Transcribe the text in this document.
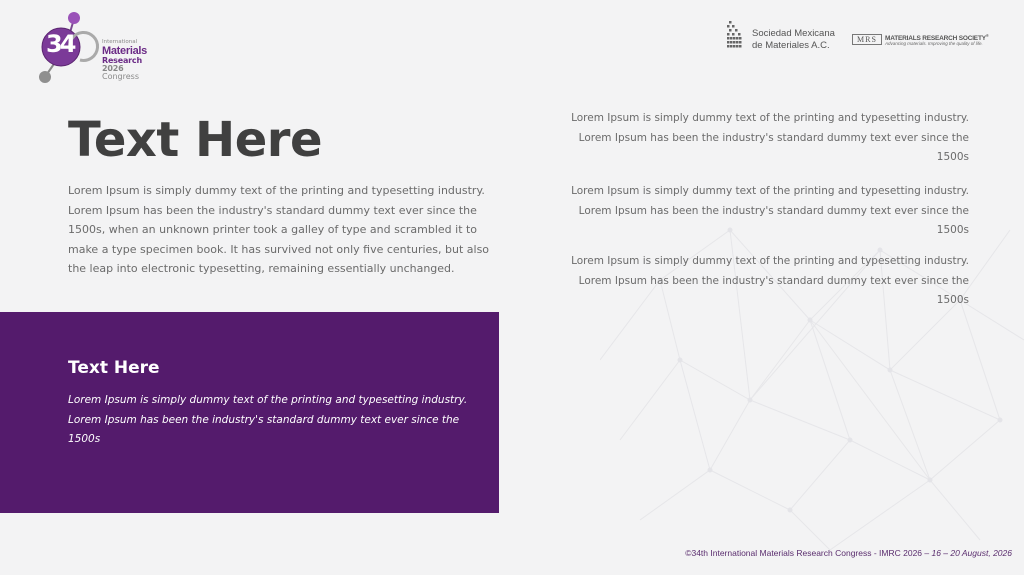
34	International
Materials
Research 2026
Congress
Sociedad Mexicana
de Materiales A.C.
MRS	MATERIALS RESEARCH SOCIETY®
Advancing materials. Improving the quality of life.
Text Here

Lorem Ipsum is simply dummy text of the printing and typesetting industry. Lorem Ipsum has been the industry's standard dummy text ever since the 1500s, when an unknown printer took a galley of type and scrambled it to make a type specimen book. It has survived not only five centuries, but also the leap into electronic typesetting, remaining essentially unchanged.

Text Here

Lorem Ipsum is simply dummy text of the printing and typesetting industry. Lorem Ipsum has been the industry's standard dummy text ever since the 1500s

Lorem Ipsum is simply dummy text of the printing and typesetting industry. Lorem Ipsum has been the industry's standard dummy text ever since the 1500s

Lorem Ipsum is simply dummy text of the printing and typesetting industry. Lorem Ipsum has been the industry's standard dummy text ever since the 1500s

Lorem Ipsum is simply dummy text of the printing and typesetting industry. Lorem Ipsum has been the industry's standard dummy text ever since the 1500s

©34th International Materials Research Congress - IMRC 2026 – 16 – 20 August, 2026
